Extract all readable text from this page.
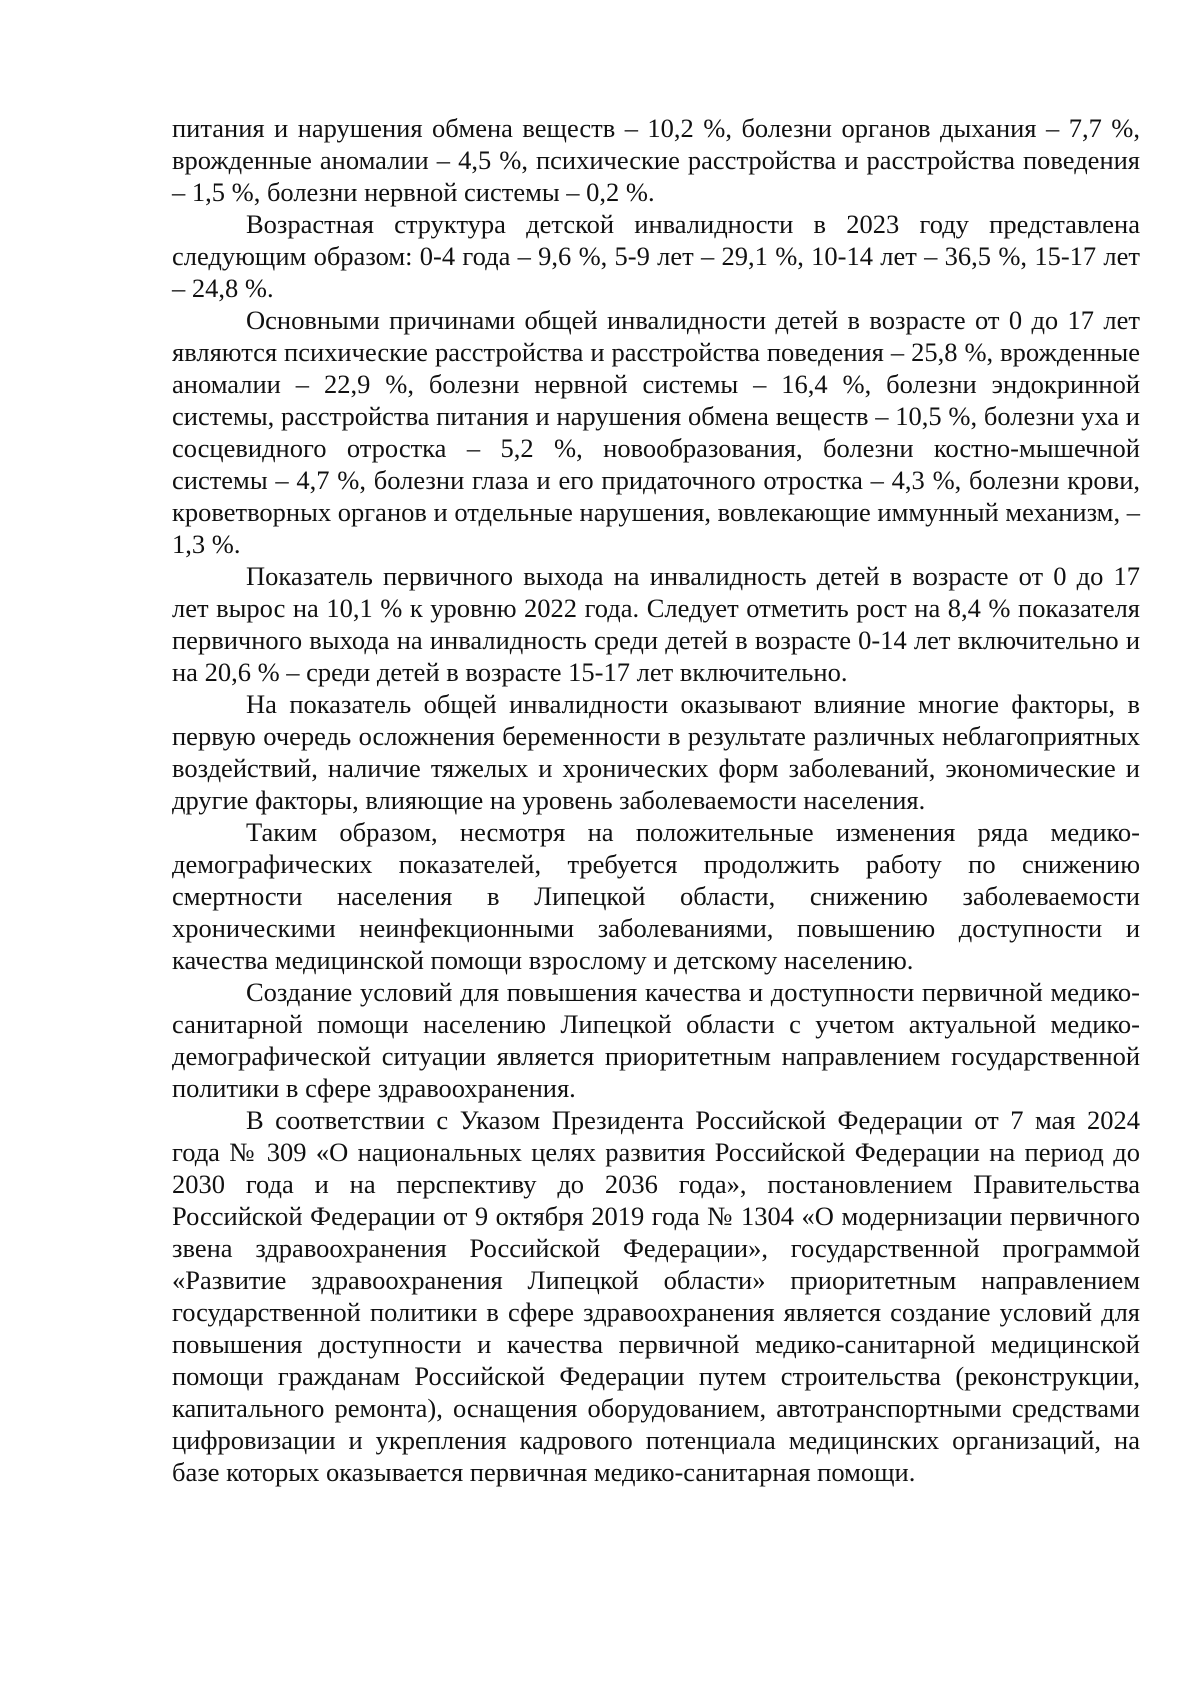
питания и нарушения обмена веществ – 10,2 %, болезни органов дыхания – 7,7 %, врожденные аномалии – 4,5 %, психические расстройства и расстройства поведения – 1,5 %, болезни нервной системы – 0,2 %.

Возрастная структура детской инвалидности в 2023 году представлена следующим образом: 0-4 года – 9,6 %, 5-9 лет – 29,1 %, 10-14 лет – 36,5 %, 15-17 лет – 24,8 %.

Основными причинами общей инвалидности детей в возрасте от 0 до 17 лет являются психические расстройства и расстройства поведения – 25,8 %, врожденные аномалии – 22,9 %, болезни нервной системы – 16,4 %, болезни эндокринной системы, расстройства питания и нарушения обмена веществ – 10,5 %, болезни уха и сосцевидного отростка – 5,2 %, новообразования, болезни костно-мышечной системы – 4,7 %, болезни глаза и его придаточного отростка – 4,3 %, болезни крови, кроветворных органов и отдельные нарушения, вовлекающие иммунный механизм, – 1,3 %.

Показатель первичного выхода на инвалидность детей в возрасте от 0 до 17 лет вырос на 10,1 % к уровню 2022 года. Следует отметить рост на 8,4 % показателя первичного выхода на инвалидность среди детей в возрасте 0-14 лет включительно и на 20,6 % – среди детей в возрасте 15-17 лет включительно.

На показатель общей инвалидности оказывают влияние многие факторы, в первую очередь осложнения беременности в результате различных неблагоприятных воздействий, наличие тяжелых и хронических форм заболеваний, экономические и другие факторы, влияющие на уровень заболеваемости населения.

Таким образом, несмотря на положительные изменения ряда медико-демографических показателей, требуется продолжить работу по снижению смертности населения в Липецкой области, снижению заболеваемости хроническими неинфекционными заболеваниями, повышению доступности и качества медицинской помощи взрослому и детскому населению.

Создание условий для повышения качества и доступности первичной медико-санитарной помощи населению Липецкой области с учетом актуальной медико-демографической ситуации является приоритетным направлением государственной политики в сфере здравоохранения.

В соответствии с Указом Президента Российской Федерации от 7 мая 2024 года № 309 «О национальных целях развития Российской Федерации на период до 2030 года и на перспективу до 2036 года», постановлением Правительства Российской Федерации от 9 октября 2019 года № 1304 «О модернизации первичного звена здравоохранения Российской Федерации», государственной программой «Развитие здравоохранения Липецкой области» приоритетным направлением государственной политики в сфере здравоохранения является создание условий для повышения доступности и качества первичной медико-санитарной медицинской помощи гражданам Российской Федерации путем строительства (реконструкции, капитального ремонта), оснащения оборудованием, автотранспортными средствами цифровизации и укрепления кадрового потенциала медицинских организаций, на базе которых оказывается первичная медико-санитарная помощи.
